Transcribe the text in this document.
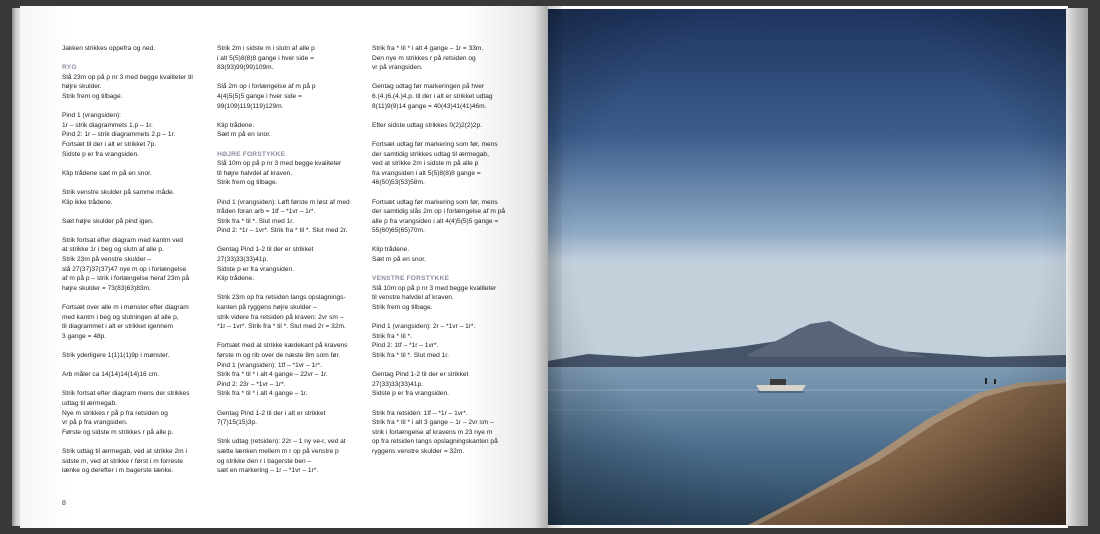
Jakken strikkes oppefra og ned.

RYG

Slå 23m op på p nr 3 med begge kvaliteter til
højre skulder.
Strik frem og tilbage.

Pind 1 (vrangsiden):
1r – strik diagrammets 1.p – 1r.
Pind 2: 1r – strik diagrammets 2.p – 1r.
Fortsæt til der i alt er strikket 7p.
Sidste p er fra vrangsiden.

Klip trådene sæt m på en snor.

Strik venstre skulder på samme måde.
Klip ikke trådene.

Sæt højre skulder på pind igen.

Strik fortsat efter diagram med kantm ved
at strikke 1r i beg og slutn af alle p.
Strik 23m på venstre skulder –
slå 27(37)37(37)47 nye m op i forlængelse
af m på p – strik i forlængelse heraf 23m på
højre skulder = 73(83)63)83m.

Fortsæt over alle m i mønster efter diagram
med kantm i beg og slutningen af alle p,
til diagrammet i alt er strikket igennem
3 gange = 48p.

Strik yderligere 1(1)1(1)9p i mønster.

Arb måler ca 14(14)14(14)16 cm.

Strik fortsat efter diagram mens der strikkes
udtag til ærmegab.
Nye m strikkes r på p fra retsiden og
vr på p fra vrangsiden.
Første og sidste m strikkes r på alle p.

Strik udtag til ærmegab, ved at strikke 2m i
sidste m, ved at strikke r først i m forreste
lænke og derefter i m bagerste lænke.

Strik 2m i sidste m i slutn af alle p
i alt 5(5)8(8)8 gange i hver side =
83(93)99(99)109m.

Slå 2m op i forlængelse af m på p
4(4)5(5)5 gange i hver side =
99(109)119(119)129m.

Klip trådene.
Sæt m på en snor.

HØJRE FORSTYKKE

Slå 10m op på p nr 3 med begge kvaliteter
til højre halvdel af kraven.
Strik frem og tilbage.

Pind 1 (vrangsiden): Løft første m løst af med
tråden foran arb = 1tf – *1vr – 1r*.
Strik fra * til *. Slut med 1r.
Pind 2: *1r – 1vr*. Strik fra * til *. Slut med 2r.

Gentag Pind 1-2 til der er strikket
27(33)33(33)41p.
Sidste p er fra vrangsiden.
Klip trådene.

Strik 23m op fra retsiden langs opslagnings-
kanten på ryggens højre skulder –
strik videre fra retsiden på kraven: 2vr sm –
*1r – 1vr*. Strik fra * til *. Slut med 2r = 32m.

Fortsæt med at strikke kædekant på kravens
første m og rib over de næste 8m som før.
Pind 1 (vrangsiden): 1tf – *1vr – 1r*.
Strik fra * til * i alt 4 gange – 22vr – 1r.
Pind 2: 23r – *1vr – 1r*.
Strik fra * til * i alt 4 gange – 1r.

Gentag Pind 1-2 til der i alt er strikket
7(7)15(15)3p.

Strik udtag (retsiden): 22r – 1 ny ve-r, ved at
sætte lænken mellem m r op på venstre p
og strikke den r i bagerste ben –
sæt en markering – 1r – *1vr – 1r*.

Strik fra * til * i alt 4 gange – 1r = 33m.
Den nye m strikkes r på retsiden og
vr på vrangsiden.

Gentag udtag før markeringen på hver
6.(4.)6.(4.)4.p. til der i alt er strikket udtag
8(11)9(9)14 gange = 40(43)41(41)46m.

Efter sidste udtag strikkes 0(2)2(2)2p.

Fortsæt udtag før markering som før, mens
der samtidig strikkes udtag til ærmegab,
ved at strikke 2m i sidste m på alle p
fra vrangsiden i alt 5(5)8(8)8 gange =
46(50)53(53)58m.

Fortsæt udtag før markering som før, mens
der samtidig slås 2m op i forlængelse af m på
alle p fra vrangsiden i alt 4(4)5(5)5 gange =
55(60)65(65)70m.

Klip trådene.
Sæt m på en snor.

VENSTRE FORSTYKKE

Slå 10m op på p nr 3 med begge kvaliteter
til venstre halvdel af kraven.
Strik frem og tilbage.

Pind 1 (vrangsiden): 2r – *1vr – 1r*.
Strik fra * til *.
Pind 2: 1tf – *1r – 1vr*.
Strik fra * til *. Slut med 1r.

Gentag Pind 1-2 til der er strikket
27(33)33(33)41p.
Sidste p er fra vrangsiden.

Strik fra retsiden: 1tf – *1r – 1vr*.
Strik fra * til * i alt 3 gange – 1r – 2vr sm –
strik i forlængelse af kravens m 23 nye m
op fra retsiden langs opslagningskanten på
ryggens venstre skulder = 32m.

8
